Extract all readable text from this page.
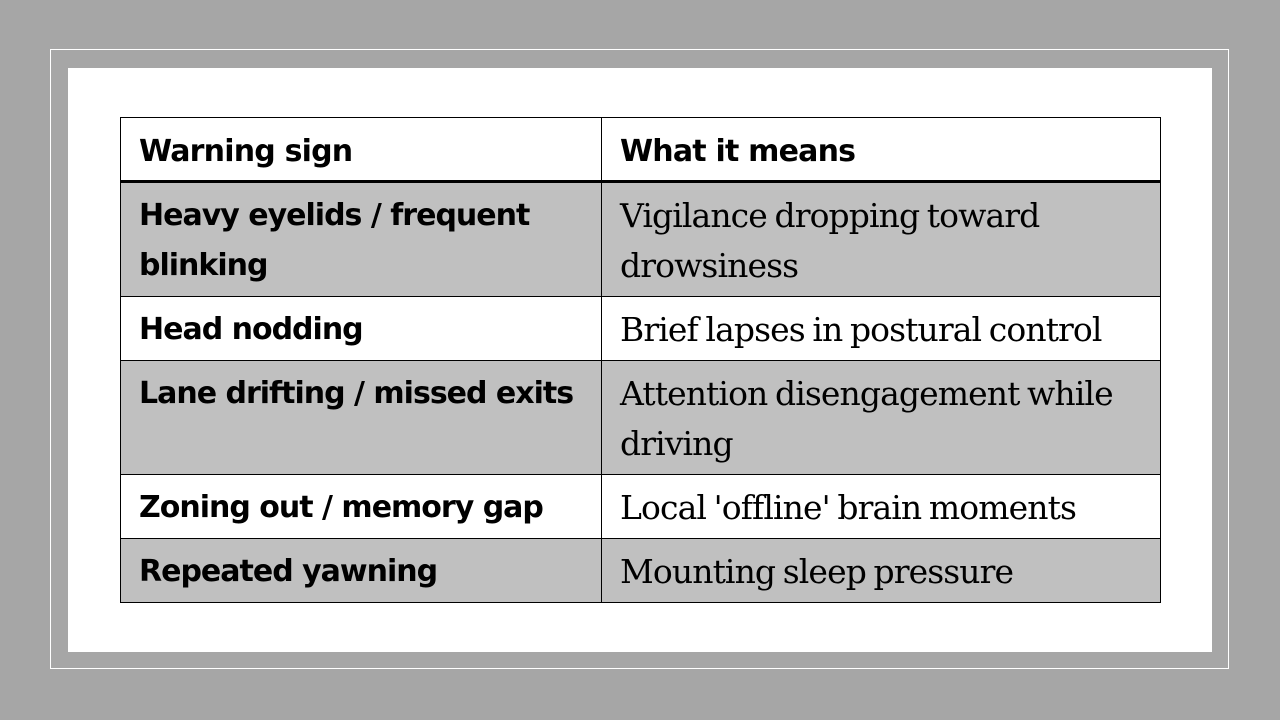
Warning sign	What it means
Heavy eyelids / frequent blinking	Vigilance dropping toward drowsiness
Head nodding	Brief lapses in postural control
Lane drifting / missed exits	Attention disengagement while driving
Zoning out / memory gap	Local 'offline' brain moments
Repeated yawning	Mounting sleep pressure
